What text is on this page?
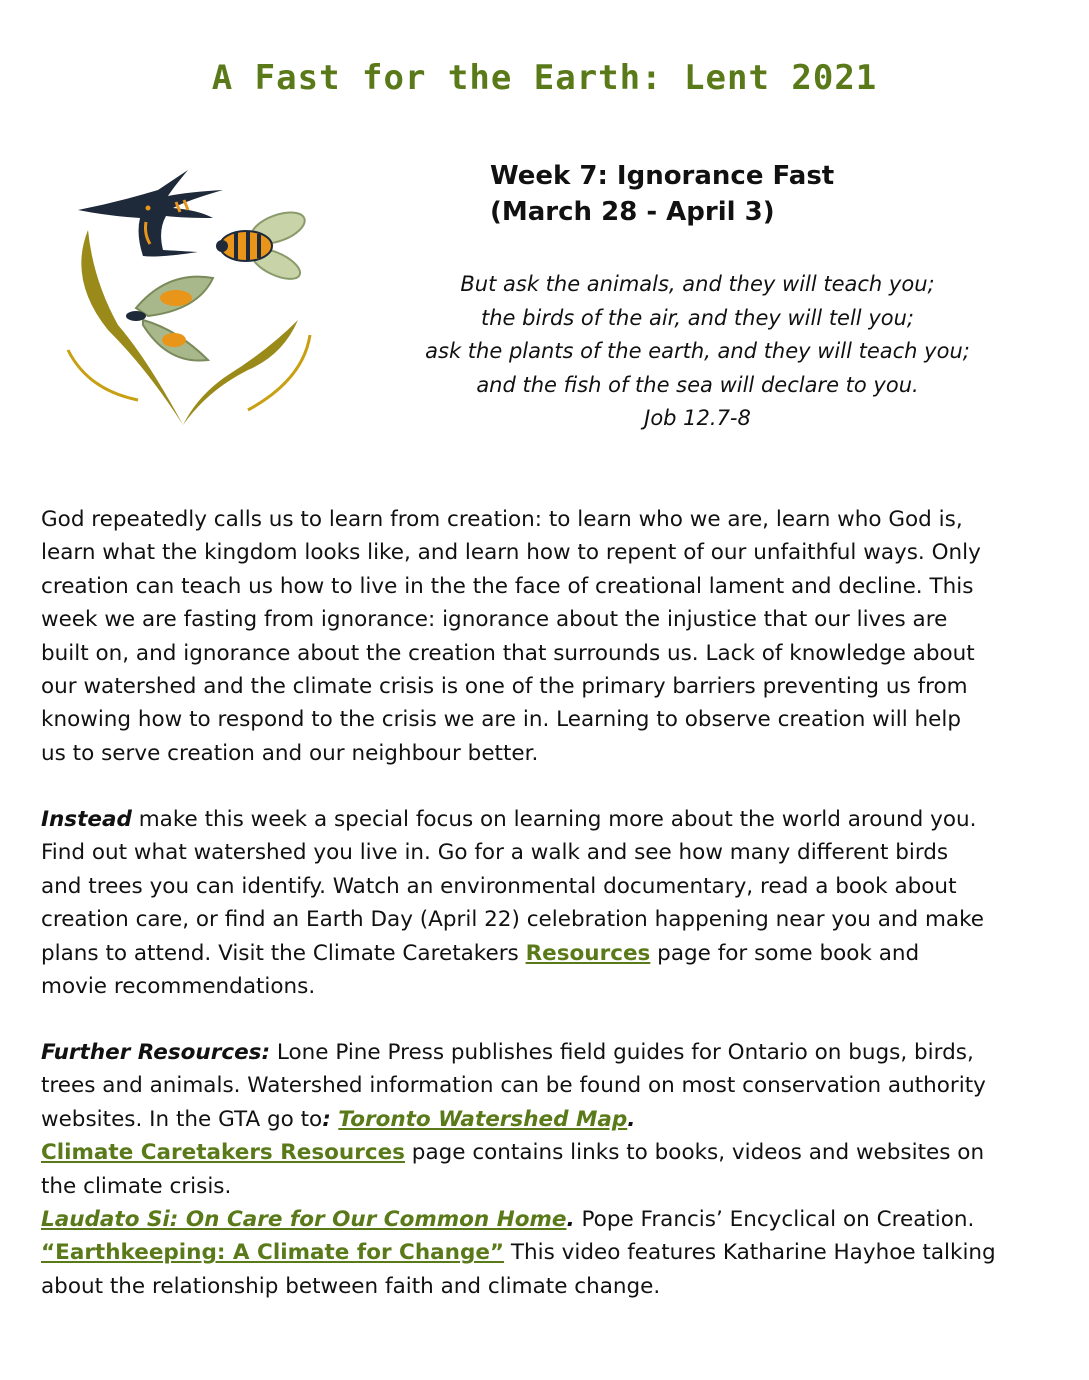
A Fast for the Earth: Lent 2021
Week 7: Ignorance Fast
(March 28 - April 3)
But ask the animals, and they will teach you;
the birds of the air, and they will tell you;
ask the plants of the earth, and they will teach you;
and the fish of the sea will declare to you.
Job 12.7-8
God repeatedly calls us to learn from creation: to learn who we are, learn who God is,
learn what the kingdom looks like, and learn how to repent of our unfaithful ways. Only
creation can teach us how to live in the the face of creational lament and decline. This
week we are fasting from ignorance: ignorance about the injustice that our lives are
built on, and ignorance about the creation that surrounds us. Lack of knowledge about
our watershed and the climate crisis is one of the primary barriers preventing us from
knowing how to respond to the crisis we are in. Learning to observe creation will help
us to serve creation and our neighbour better.
Instead make this week a special focus on learning more about the world around you.
Find out what watershed you live in. Go for a walk and see how many different birds
and trees you can identify. Watch an environmental documentary, read a book about
creation care, or find an Earth Day (April 22) celebration happening near you and make
plans to attend. Visit the Climate Caretakers Resources page for some book and
movie recommendations.
Further Resources: Lone Pine Press publishes field guides for Ontario on bugs, birds,
trees and animals. Watershed information can be found on most conservation authority
websites. In the GTA go to: Toronto Watershed Map.
Climate Caretakers Resources page contains links to books, videos and websites on
the climate crisis.
Laudato Si: On Care for Our Common Home. Pope Francis’ Encyclical on Creation.
“Earthkeeping: A Climate for Change” This video features Katharine Hayhoe talking
about the relationship between faith and climate change.
